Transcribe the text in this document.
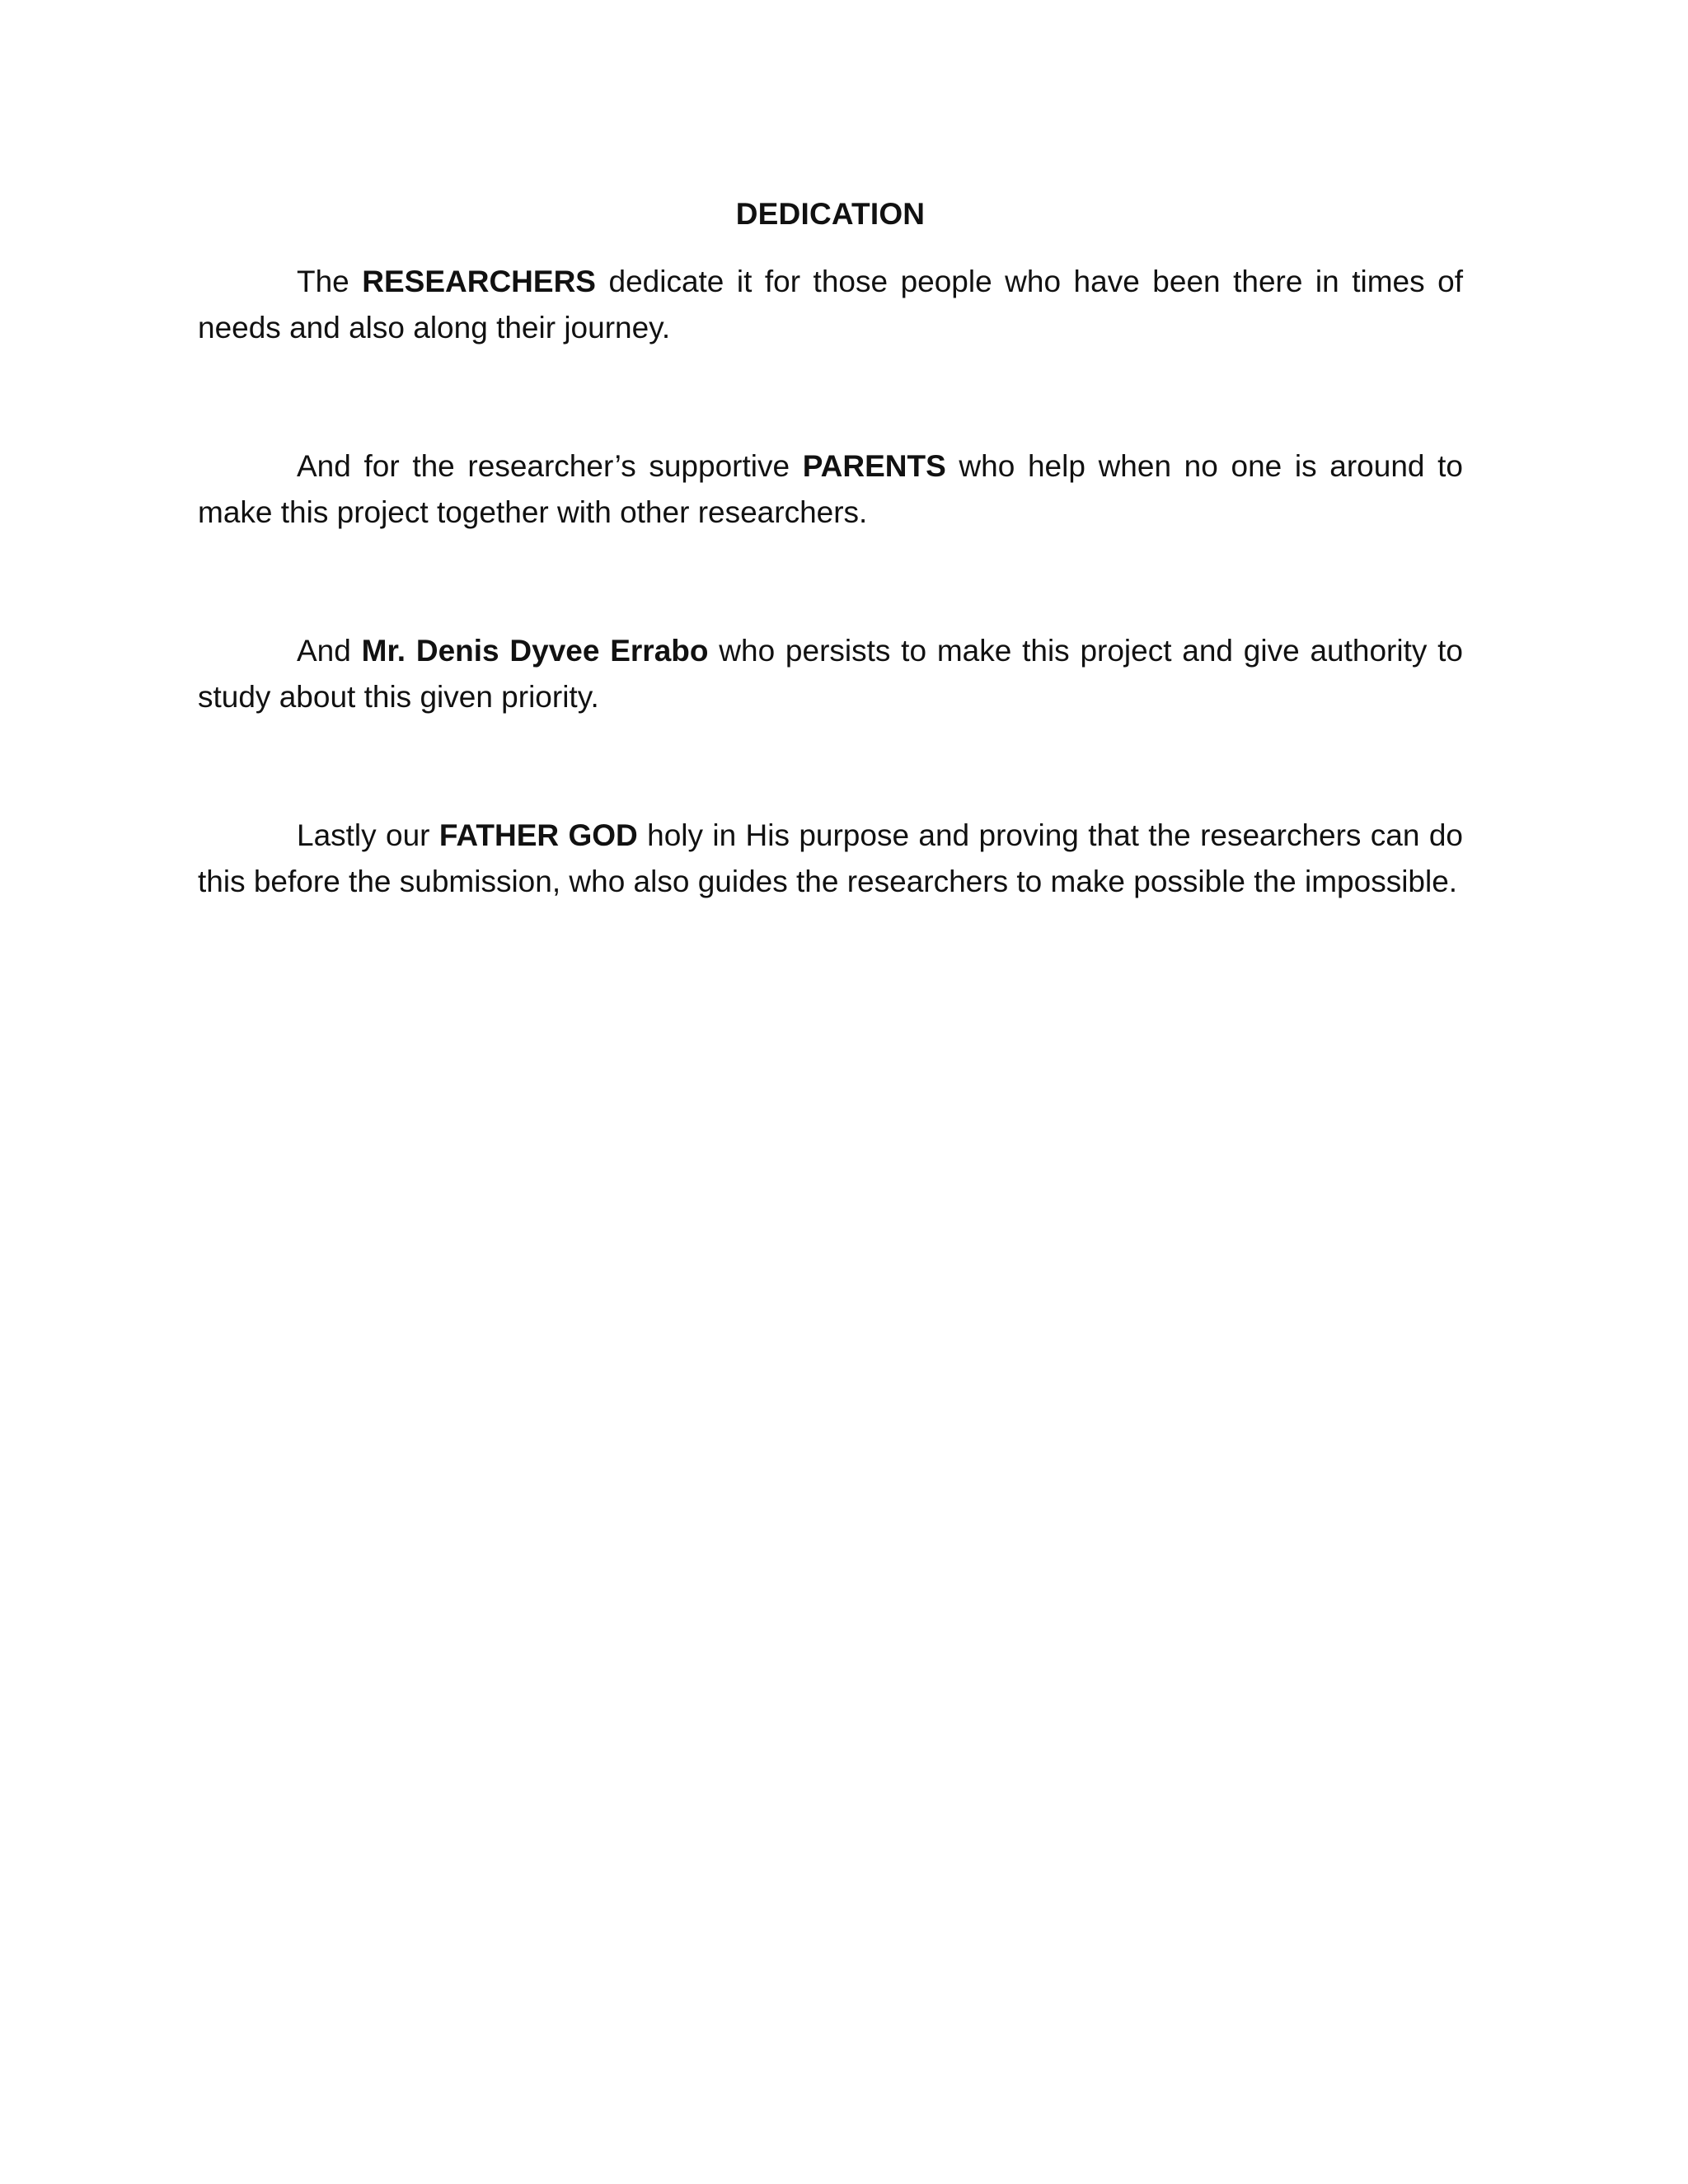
DEDICATION

The RESEARCHERS dedicate it for those people who have been there in times of needs and also along their journey.

And for the researcher’s supportive PARENTS who help when no one is around to make this project together with other researchers.

And Mr. Denis Dyvee Errabo who persists to make this project and give authority to study about this given priority.

Lastly our FATHER GOD holy in His purpose and proving that the researchers can do this before the submission, who also guides the researchers to make possible the impossible.
